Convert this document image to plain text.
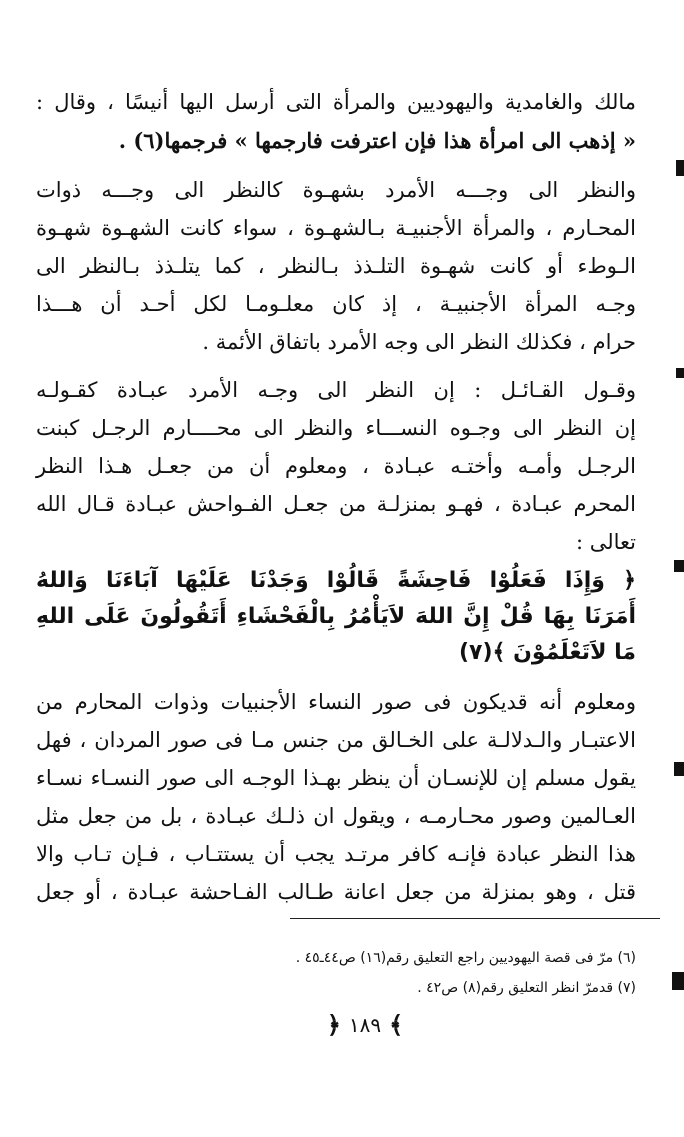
مالك والغامدية واليهوديين والمرأة التى أرسل اليها أنيسًا ، وقال :
« إذهب الى امرأة هذا فإن اعترفت فارجمها » فرجمها(٦) .
والنظر الى وجـــه الأمرد بشهـوة كالنظر الى وجـــه ذوات
المحـارم ، والمرأة الأجنبيـة بـالشهـوة ، سواء كانت الشهـوة شهـوة
الـوطء أو كانت شهـوة التلـذذ بـالنظر ، كما يتلـذذ بـالنظر الى
وجـه المرأة الأجنبيـة ، إذ كان معلـومـا لكل أحـد أن هـــذا
حرام ، فكذلك النظر الى وجه الأمرد باتفاق الأئمة .
وقـول القـائـل : إن النظر الى وجـه الأمرد عبـادة كقـولـه
إن النظر الى وجـوه النســـاء والنظر الى محــــارم الرجـل كبنت
الرجـل وأمـه وأختـه عبـادة ، ومعلوم أن من جعـل هـذا النظر
المحرم عبـادة ، فهـو بمنزلـة من جعـل الفـواحش عبـادة قـال الله
تعالى :
﴿ وَإِذَا فَعَلُوْا فَاحِشَةً قَالُوْا وَجَدْنَا عَلَيْهَا آبَاءَنَا وَاللهُ
أَمَرَنَا بِهَا قُلْ إِنَّ اللهَ لاَيَأْمُرُ بِالْفَحْشَاءِ أَتَقُولُونَ عَلَى اللهِ
مَا لاَتَعْلَمُوْنَ ﴾(٧)
ومعلوم أنه قديكون فى صور النساء الأجنبيات وذوات المحارم من
الاعتبـار والـدلالـة على الخـالق من جنس مـا فى صور المردان ، فهل
يقول مسلم إن للإنسـان أن ينظر بهـذا الوجـه الى صور النسـاء نسـاء
العـالمين وصور محـارمـه ، ويقول ان ذلـك عبـادة ، بل من جعل مثل
هذا النظر عبادة فإنـه كافر مرتـد يجب أن يستتـاب ، فـإن تـاب والا
قتل ، وهو بمنزلة من جعل اعانة طـالب الفـاحشة عبـادة ، أو جعل
(٦) مرّ فى قصة اليهوديين راجع التعليق رقم(١٦) ص٤٤ـ٤٥ .
(٧) قدمرّ انظر التعليق رقم(٨) ص٤٢ .
﴿ ١٨٩ ﴾
